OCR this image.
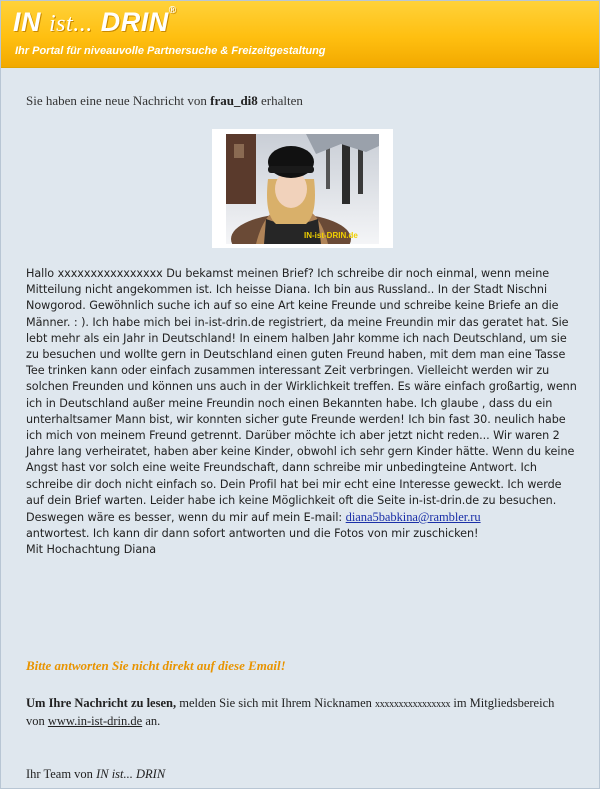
IN ist... DRIN®
Ihr Portal für niveauvolle Partnersuche & Freizeitgestaltung
Sie haben eine neue Nachricht von frau_di8 erhalten
IN-ist-DRIN.de
Hallo xxxxxxxxxxxxxxxx Du bekamst meinen Brief? Ich schreibe dir noch einmal, wenn meine Mitteilung nicht angekommen ist. Ich heisse Diana. Ich bin aus Russland.. In der Stadt Nischni Nowgorod. Gewöhnlich suche ich auf so eine Art keine Freunde und schreibe keine Briefe an die Männer. : ). Ich habe mich bei in-ist-drin.de registriert, da meine Freundin mir das geratet hat. Sie lebt mehr als ein Jahr in Deutschland! In einem halben Jahr komme ich nach Deutschland, um sie zu besuchen und wollte gern in Deutschland einen guten Freund haben, mit dem man eine Tasse Tee trinken kann oder einfach zusammen interessant Zeit verbringen. Vielleicht werden wir zu solchen Freunden und können uns auch in der Wirklichkeit treffen. Es wäre einfach großartig, wenn ich in Deutschland außer meine Freundin noch einen Bekannten habe. Ich glaube , dass du ein unterhaltsamer Mann bist, wir konnten sicher gute Freunde werden! Ich bin fast 30. neulich habe ich mich von meinem Freund getrennt. Darüber möchte ich aber jetzt nicht reden... Wir waren 2 Jahre lang verheiratet, haben aber keine Kinder, obwohl ich sehr gern Kinder hätte. Wenn du keine Angst hast vor solch eine weite Freundschaft, dann schreibe mir unbedingteine Antwort. Ich schreibe dir doch nicht einfach so. Dein Profil hat bei mir echt eine Interesse geweckt. Ich werde auf dein Brief warten. Leider habe ich keine Möglichkeit oft die Seite in-ist-drin.de zu besuchen. Deswegen wäre es besser, wenn du mir auf mein E-mail: diana5babkina@rambler.ru
antwortest. Ich kann dir dann sofort antworten und die Fotos von mir zuschicken!
Mit Hochachtung Diana
Bitte antworten Sie nicht direkt auf diese Email!
Um Ihre Nachricht zu lesen, melden Sie sich mit Ihrem Nicknamen xxxxxxxxxxxxxxxx im Mitgliedsbereich
von www.in-ist-drin.de an.
Ihr Team von IN ist... DRIN
